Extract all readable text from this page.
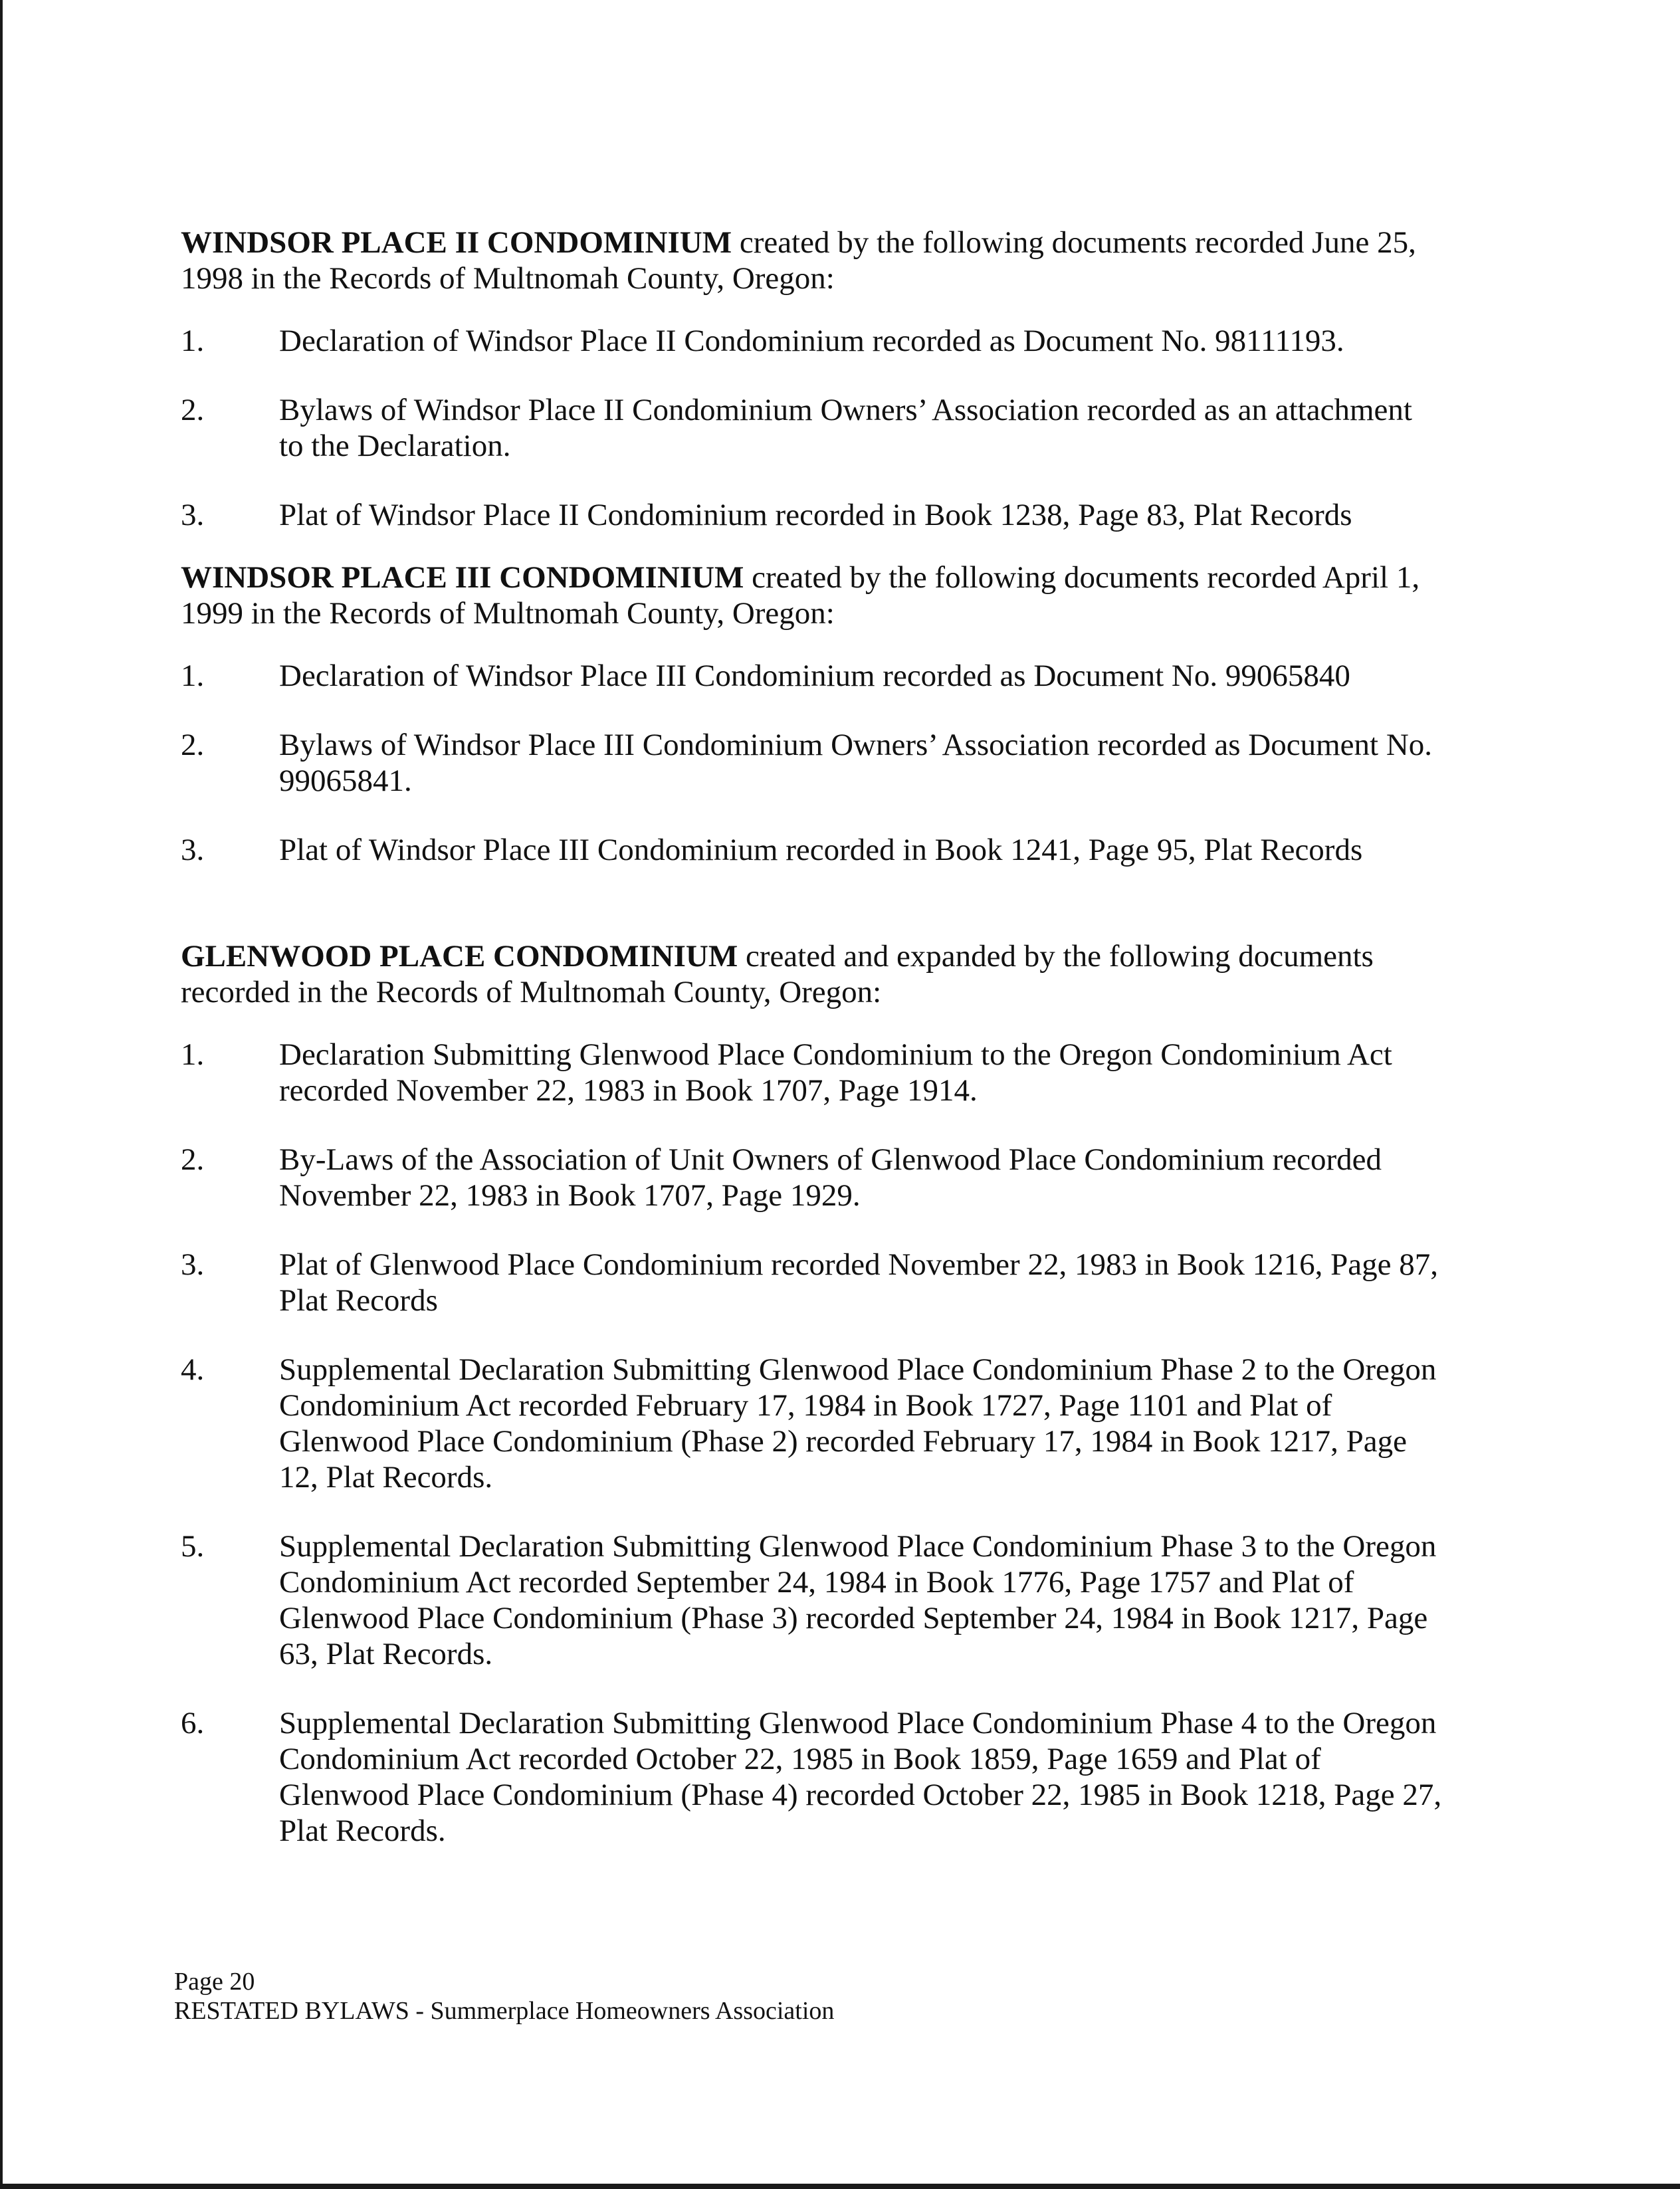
WINDSOR PLACE II CONDOMINIUM created by the following documents recorded June 25, 1998 in the Records of Multnomah County, Oregon:

1.	Declaration of Windsor Place II Condominium recorded as Document No. 98111193.
2.	Bylaws of Windsor Place II Condominium Owners’ Association recorded as an attachment to the Declaration.
3.	Plat of Windsor Place II Condominium recorded in Book 1238, Page 83, Plat Records

WINDSOR PLACE III CONDOMINIUM created by the following documents recorded April 1, 1999 in the Records of Multnomah County, Oregon:

1.	Declaration of Windsor Place III Condominium recorded as Document No. 99065840
2.	Bylaws of Windsor Place III Condominium Owners’ Association recorded as Document No. 99065841.
3.	Plat of Windsor Place III Condominium recorded in Book 1241, Page 95, Plat Records

GLENWOOD PLACE CONDOMINIUM created and expanded by the following documents recorded in the Records of Multnomah County, Oregon:

1.	Declaration Submitting Glenwood Place Condominium to the Oregon Condominium Act recorded November 22, 1983 in Book 1707, Page 1914.
2.	By-Laws of the Association of Unit Owners of Glenwood Place Condominium recorded November 22, 1983 in Book 1707, Page 1929.
3.	Plat of Glenwood Place Condominium recorded November 22, 1983 in Book 1216, Page 87, Plat Records
4.	Supplemental Declaration Submitting Glenwood Place Condominium Phase 2 to the Oregon Condominium Act recorded February 17, 1984 in Book 1727, Page 1101 and Plat of Glenwood Place Condominium (Phase 2) recorded February 17, 1984 in Book 1217, Page 12, Plat Records.
5.	Supplemental Declaration Submitting Glenwood Place Condominium Phase 3 to the Oregon Condominium Act recorded September 24, 1984 in Book 1776, Page 1757 and Plat of Glenwood Place Condominium (Phase 3) recorded September 24, 1984 in Book 1217, Page 63, Plat Records.
6.	Supplemental Declaration Submitting Glenwood Place Condominium Phase 4 to the Oregon Condominium Act recorded October 22, 1985 in Book 1859, Page 1659 and Plat of Glenwood Place Condominium (Phase 4) recorded October 22, 1985 in Book 1218, Page 27, Plat Records.
Page 20
RESTATED BYLAWS - Summerplace Homeowners Association
